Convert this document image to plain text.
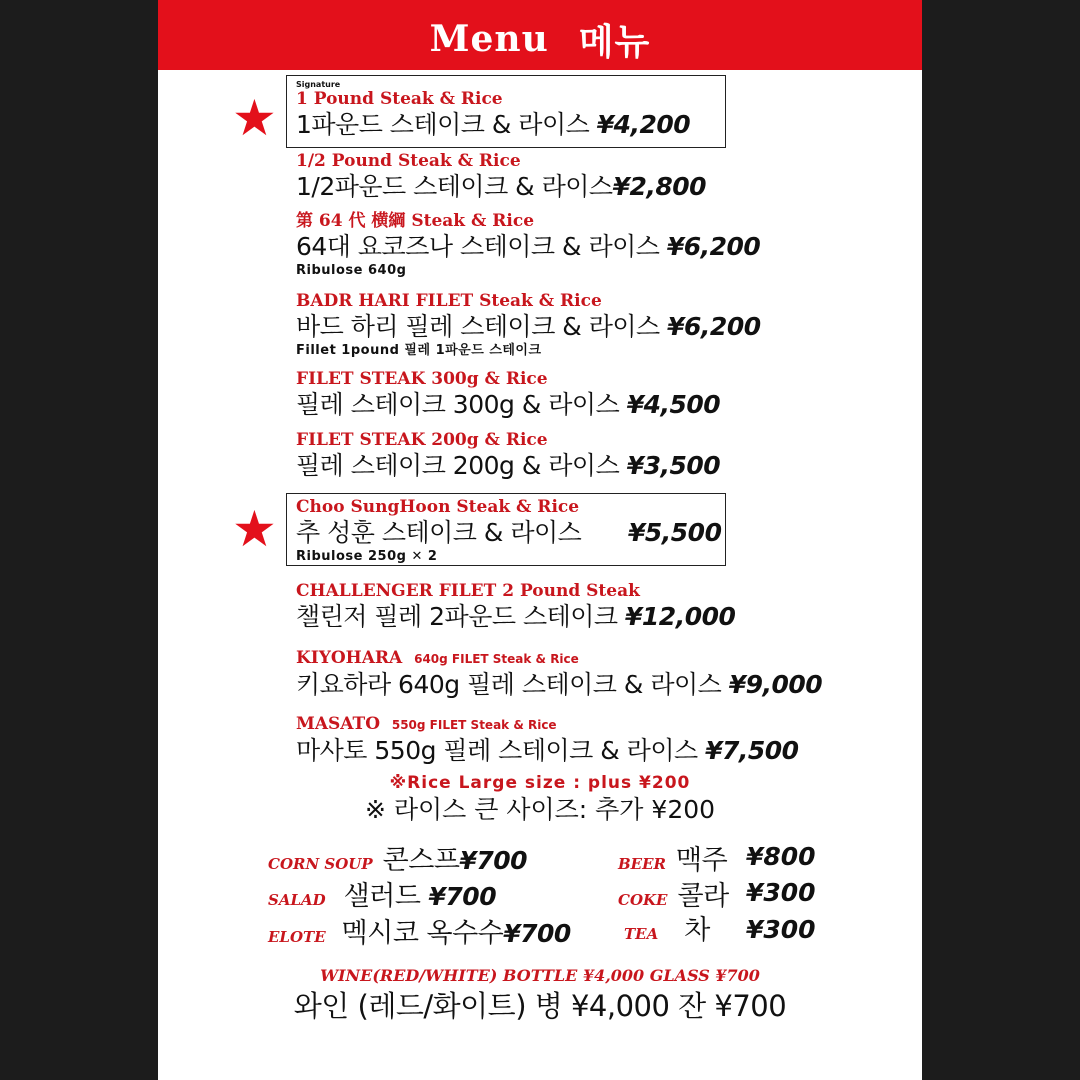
Menu 메뉴
★
Signature
1 Pound Steak & Rice
1파운드 스테이크 & 라이스 ¥4,200
1/2 Pound Steak & Rice
1/2파운드 스테이크 & 라이스¥2,800
第 64 代 横綱 Steak & Rice
64대 요코즈나 스테이크 & 라이스 ¥6,200
Ribulose 640g
BADR HARI FILET Steak & Rice
바드 하리 필레 스테이크 & 라이스 ¥6,200
Fillet 1pound 필레 1파운드 스테이크
FILET STEAK 300g & Rice
필레 스테이크 300g & 라이스 ¥4,500
FILET STEAK 200g & Rice
필레 스테이크 200g & 라이스 ¥3,500
★ Choo SungHoon Steak & Rice
추 성훈 스테이크 & 라이스 ¥5,500
Ribulose 250g ✕ 2
CHALLENGER FILET 2 Pound Steak
챌린저 필레 2파운드 스테이크 ¥12,000
KIYOHARA 640g FILET Steak & Rice
키요하라 640g 필레 스테이크 & 라이스 ¥9,000
MASATO 550g FILET Steak & Rice
마사토 550g 필레 스테이크 & 라이스 ¥7,500
※Rice Large size : plus ¥200
※ 라이스 큰 사이즈: 추가 ¥200
CORN SOUP 콘스프¥700
SALAD 샐러드 ¥700
ELOTE 멕시코 옥수수¥700
BEER 맥주 ¥800
COKE 콜라 ¥300
TEA 차 ¥300
WINE(RED/WHITE) BOTTLE ¥4,000 GLASS ¥700
와인 (레드/화이트) 병 ¥4,000 잔 ¥700
